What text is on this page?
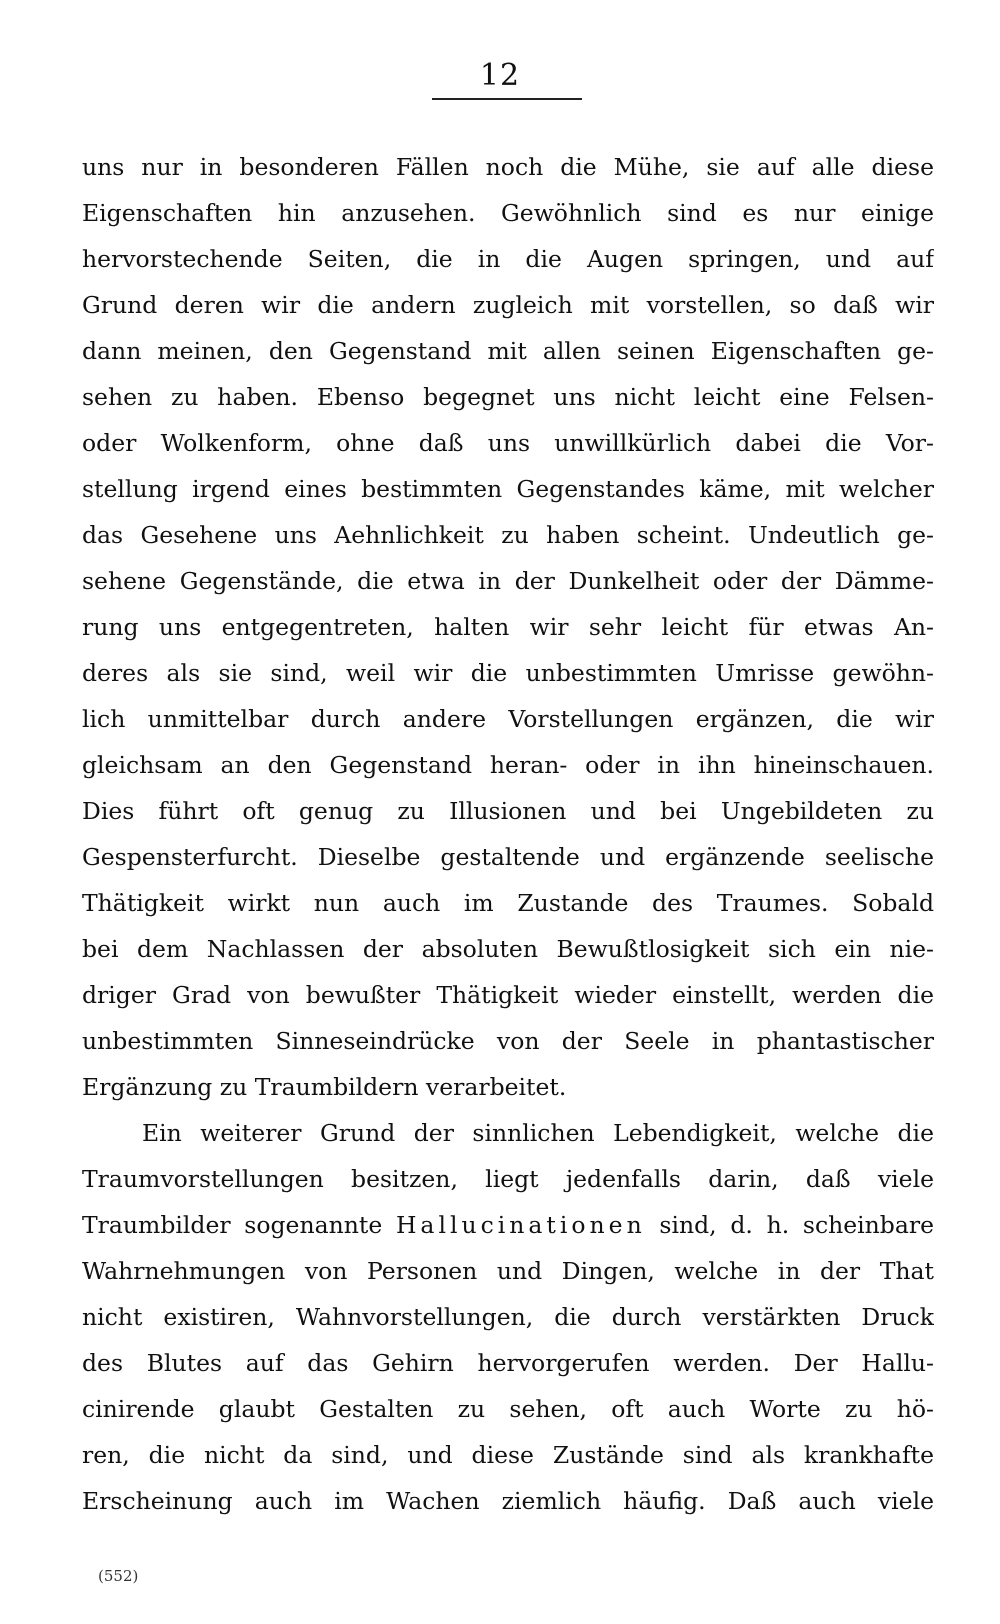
12
uns nur in besonderen Fällen noch die Mühe, sie auf alle diese
Eigenschaften hin anzusehen. Gewöhnlich sind es nur einige
hervorstechende Seiten, die in die Augen springen, und auf
Grund deren wir die andern zugleich mit vorstellen, so daß wir
dann meinen, den Gegenstand mit allen seinen Eigenschaften ge-
sehen zu haben. Ebenso begegnet uns nicht leicht eine Felsen-
oder Wolkenform, ohne daß uns unwillkürlich dabei die Vor-
stellung irgend eines bestimmten Gegenstandes käme, mit welcher
das Gesehene uns Aehnlichkeit zu haben scheint. Undeutlich ge-
sehene Gegenstände, die etwa in der Dunkelheit oder der Dämme-
rung uns entgegentreten, halten wir sehr leicht für etwas An-
deres als sie sind, weil wir die unbestimmten Umrisse gewöhn-
lich unmittelbar durch andere Vorstellungen ergänzen, die wir
gleichsam an den Gegenstand heran- oder in ihn hineinschauen.
Dies führt oft genug zu Illusionen und bei Ungebildeten zu
Gespensterfurcht. Dieselbe gestaltende und ergänzende seelische
Thätigkeit wirkt nun auch im Zustande des Traumes. Sobald
bei dem Nachlassen der absoluten Bewußtlosigkeit sich ein nie-
driger Grad von bewußter Thätigkeit wieder einstellt, werden die
unbestimmten Sinneseindrücke von der Seele in phantastischer
Ergänzung zu Traumbildern verarbeitet.
Ein weiterer Grund der sinnlichen Lebendigkeit, welche die
Traumvorstellungen besitzen, liegt jedenfalls darin, daß viele
Traumbilder sogenannte Hallucinationen sind, d. h. scheinbare
Wahrnehmungen von Personen und Dingen, welche in der That
nicht existiren, Wahnvorstellungen, die durch verstärkten Druck
des Blutes auf das Gehirn hervorgerufen werden. Der Hallu-
cinirende glaubt Gestalten zu sehen, oft auch Worte zu hö-
ren, die nicht da sind, und diese Zustände sind als krankhafte
Erscheinung auch im Wachen ziemlich häufig. Daß auch viele
(552)
